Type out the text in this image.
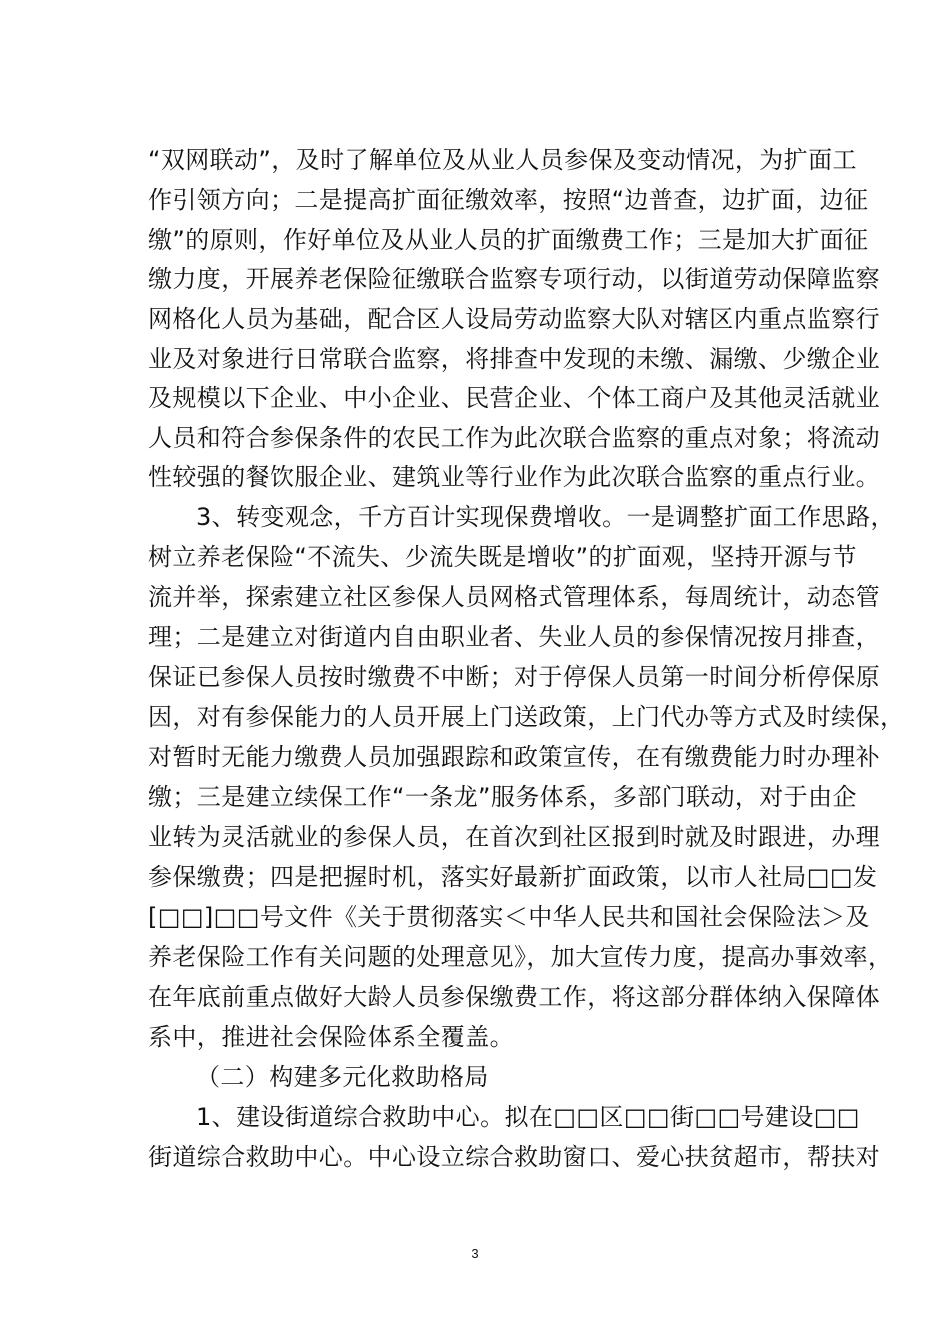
“双网联动”，及时了解单位及从业人员参保及变动情况，为扩面工
作引领方向；二是提高扩面征缴效率，按照“边普查，边扩面，边征
缴”的原则，作好单位及从业人员的扩面缴费工作；三是加大扩面征
缴力度，开展养老保险征缴联合监察专项行动，以街道劳动保障监察
网格化人员为基础，配合区人设局劳动监察大队对辖区内重点监察行
业及对象进行日常联合监察，将排查中发现的未缴、漏缴、少缴企业
及规模以下企业、中小企业、民营企业、个体工商户及其他灵活就业
人员和符合参保条件的农民工作为此次联合监察的重点对象；将流动
性较强的餐饮服企业、建筑业等行业作为此次联合监察的重点行业。
3、转变观念，千方百计实现保费增收。一是调整扩面工作思路，
树立养老保险“不流失、少流失既是增收”的扩面观，坚持开源与节
流并举，探索建立社区参保人员网格式管理体系，每周统计，动态管
理；二是建立对街道内自由职业者、失业人员的参保情况按月排查，
保证已参保人员按时缴费不中断；对于停保人员第一时间分析停保原
因，对有参保能力的人员开展上门送政策，上门代办等方式及时续保，
对暂时无能力缴费人员加强跟踪和政策宣传，在有缴费能力时办理补
缴；三是建立续保工作“一条龙”服务体系，多部门联动，对于由企
业转为灵活就业的参保人员，在首次到社区报到时就及时跟进，办理
参保缴费；四是把握时机，落实好最新扩面政策，以市人社局□□发
[□□]□□号文件《关于贯彻落实＜中华人民共和国社会保险法＞及
养老保险工作有关问题的处理意见》，加大宣传力度，提高办事效率，
在年底前重点做好大龄人员参保缴费工作，将这部分群体纳入保障体
系中，推进社会保险体系全覆盖。
（二）构建多元化救助格局
1、建设街道综合救助中心。拟在□□区□□街□□号建设□□
街道综合救助中心。中心设立综合救助窗口、爱心扶贫超市，帮扶对
3
